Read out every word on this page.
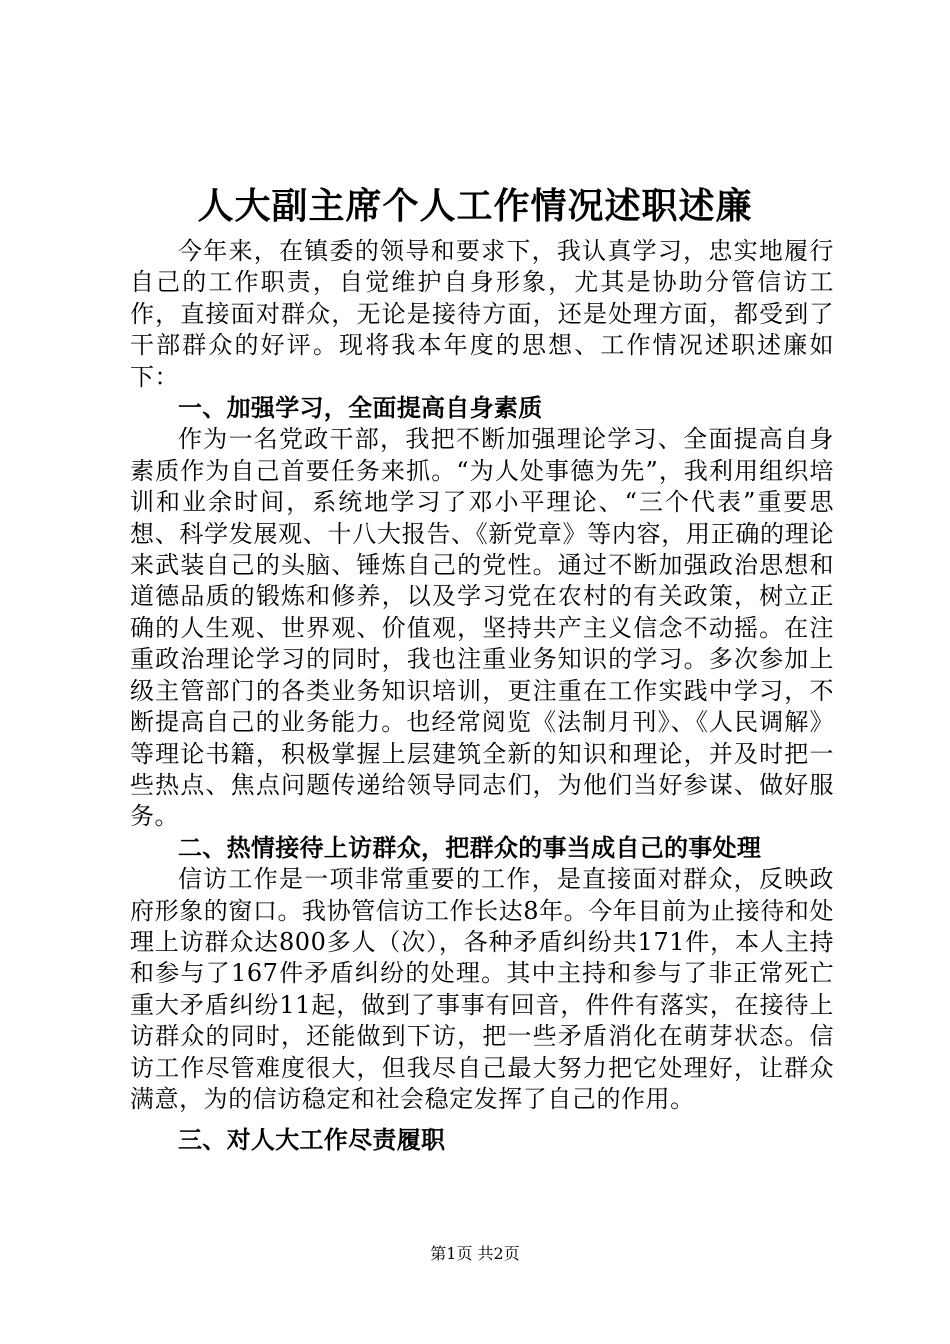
人大副主席个人工作情况述职述廉

今年来，在镇委的领导和要求下，我认真学习，忠实地履行自己的工作职责，自觉维护自身形象，尤其是协助分管信访工作，直接面对群众，无论是接待方面，还是处理方面，都受到了干部群众的好评。现将我本年度的思想、工作情况述职述廉如下：

一、加强学习，全面提高自身素质

作为一名党政干部，我把不断加强理论学习、全面提高自身素质作为自己首要任务来抓。“为人处事德为先”，我利用组织培训和业余时间，系统地学习了邓小平理论、“三个代表”重要思想、科学发展观、十八大报告、《新党章》等内容，用正确的理论来武装自己的头脑、锤炼自己的党性。通过不断加强政治思想和道德品质的锻炼和修养，以及学习党在农村的有关政策，树立正确的人生观、世界观、价值观，坚持共产主义信念不动摇。在注重政治理论学习的同时，我也注重业务知识的学习。多次参加上级主管部门的各类业务知识培训，更注重在工作实践中学习，不断提高自己的业务能力。也经常阅览《法制月刊》、《人民调解》等理论书籍，积极掌握上层建筑全新的知识和理论，并及时把一些热点、焦点问题传递给领导同志们，为他们当好参谋、做好服务。

二、热情接待上访群众，把群众的事当成自己的事处理

信访工作是一项非常重要的工作，是直接面对群众，反映政府形象的窗口。我协管信访工作长达8年。今年目前为止接待和处理上访群众达800多人（次），各种矛盾纠纷共171件，本人主持和参与了167件矛盾纠纷的处理。其中主持和参与了非正常死亡重大矛盾纠纷11起，做到了事事有回音，件件有落实，在接待上访群众的同时，还能做到下访，把一些矛盾消化在萌芽状态。信访工作尽管难度很大，但我尽自己最大努力把它处理好，让群众满意，为的信访稳定和社会稳定发挥了自己的作用。

三、对人大工作尽责履职

第1页 共2页
